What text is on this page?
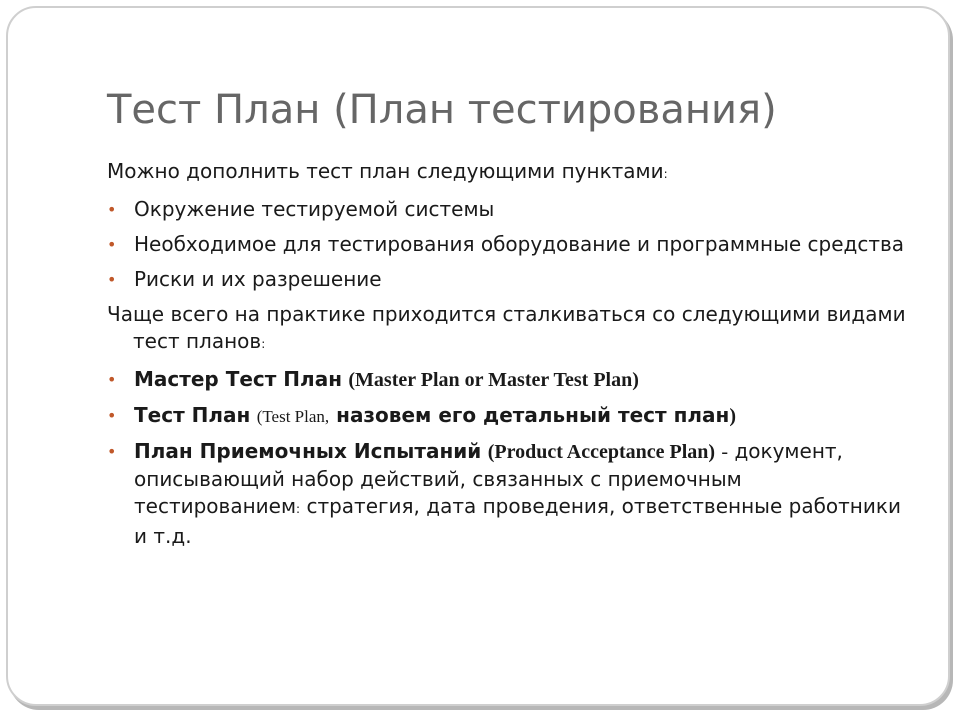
Тест План (План тестирования)

Можно дополнить тест план следующими пунктами:

• Окружение тестируемой системы
• Необходимое для тестирования оборудование и программные средства
• Риски и их разрешение

Чаще всего на практике приходится сталкиваться со следующими видами тест планов:

• Мастер Тест План (Master Plan or Master Test Plan)
• Тест План (Test Plan, назовем его детальный тест план)
• План Приемочных Испытаний (Product Acceptance Plan) - документ, описывающий набор действий, связанных с приемочным тестированием: стратегия, дата проведения, ответственные работники и т.д.
